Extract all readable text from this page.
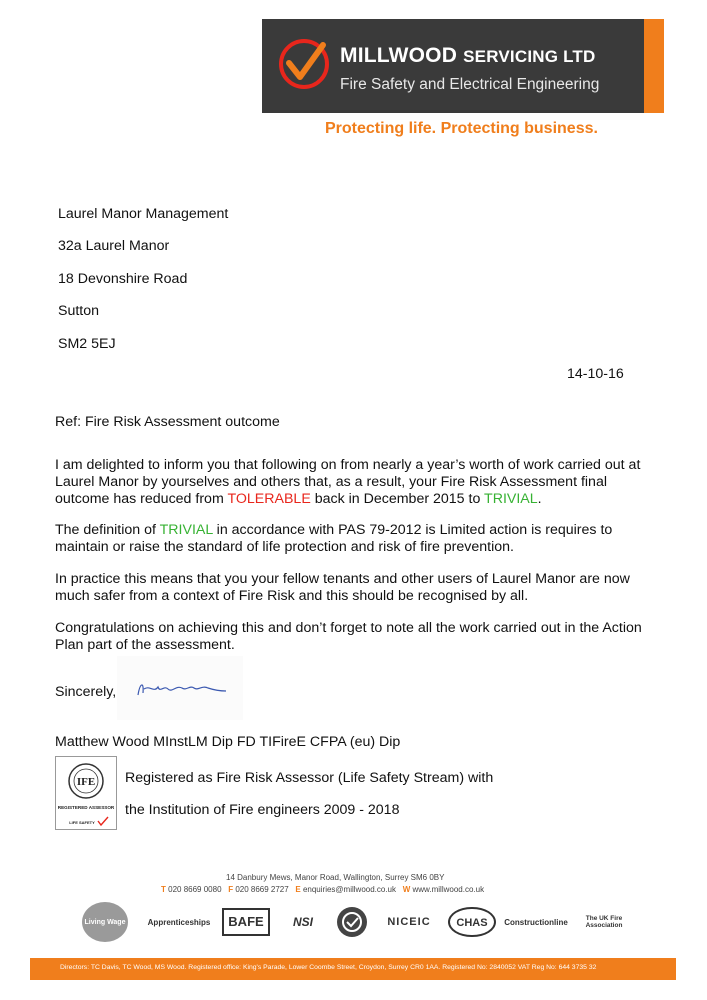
MILLWOOD SERVICING LTD
Fire Safety and Electrical Engineering
Protecting life. Protecting business.
Laurel Manor Management
32a Laurel Manor
18 Devonshire Road
Sutton
SM2 5EJ
14-10-16
Ref: Fire Risk Assessment outcome
I am delighted to inform you that following on from nearly a year’s worth of work carried out at Laurel Manor by yourselves and others that, as a result, your Fire Risk Assessment final outcome has reduced from TOLERABLE back in December 2015 to TRIVIAL.
The definition of TRIVIAL in accordance with PAS 79-2012 is Limited action is requires to maintain or raise the standard of life protection and risk of fire prevention.
In practice this means that you your fellow tenants and other users of Laurel Manor are now much safer from a context of Fire Risk and this should be recognised by all.
Congratulations on achieving this and don’t forget to note all the work carried out in the Action Plan part of the assessment.
Sincerely,
Matthew Wood MInstLM Dip FD TIFireE CFPA (eu) Dip
IFE
REGISTERED ASSESSOR
LIFE SAFETY
Registered as Fire Risk Assessor (Life Safety Stream) with
the Institution of Fire engineers 2009 - 2018
14 Danbury Mews, Manor Road, Wallington, Surrey SM6 0BY
T 020 8669 0080 F 020 8669 2727 E enquiries@millwood.co.uk W www.millwood.co.uk
Living Wage	Apprenticeships	BAFE	NSI	NICEIC	CHAS	Constructionline	The UK Fire Association
Directors: TC Davis, TC Wood, MS Wood. Registered office: King's Parade, Lower Coombe Street, Croydon, Surrey CR0 1AA. Registered No: 2840052 VAT Reg No: 644 3735 32
